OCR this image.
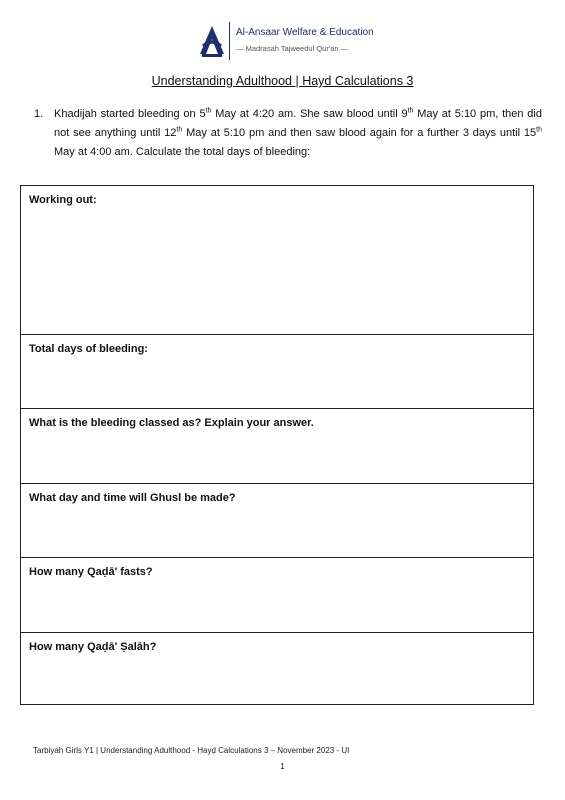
Al-Ansaar Welfare & Education
— Madrasah Tajweedul Qur'an —
Understanding Adulthood | Hayd Calculations 3
1. Khadijah started bleeding on 5th May at 4:20 am. She saw blood until 9th May at 5:10 pm, then did not see anything until 12th May at 5:10 pm and then saw blood again for a further 3 days until 15th May at 4:00 am. Calculate the total days of bleeding:
Working out:
Total days of bleeding:
What is the bleeding classed as? Explain your answer.
What day and time will Ghusl be made?
How many Qaḍā' fasts?
How many Qaḍā' Ṣalāh?
Tarbiyah Girls Y1 | Understanding Adulthood - Ḥayḍ Calculations 3 – November 2023 - UI
1
